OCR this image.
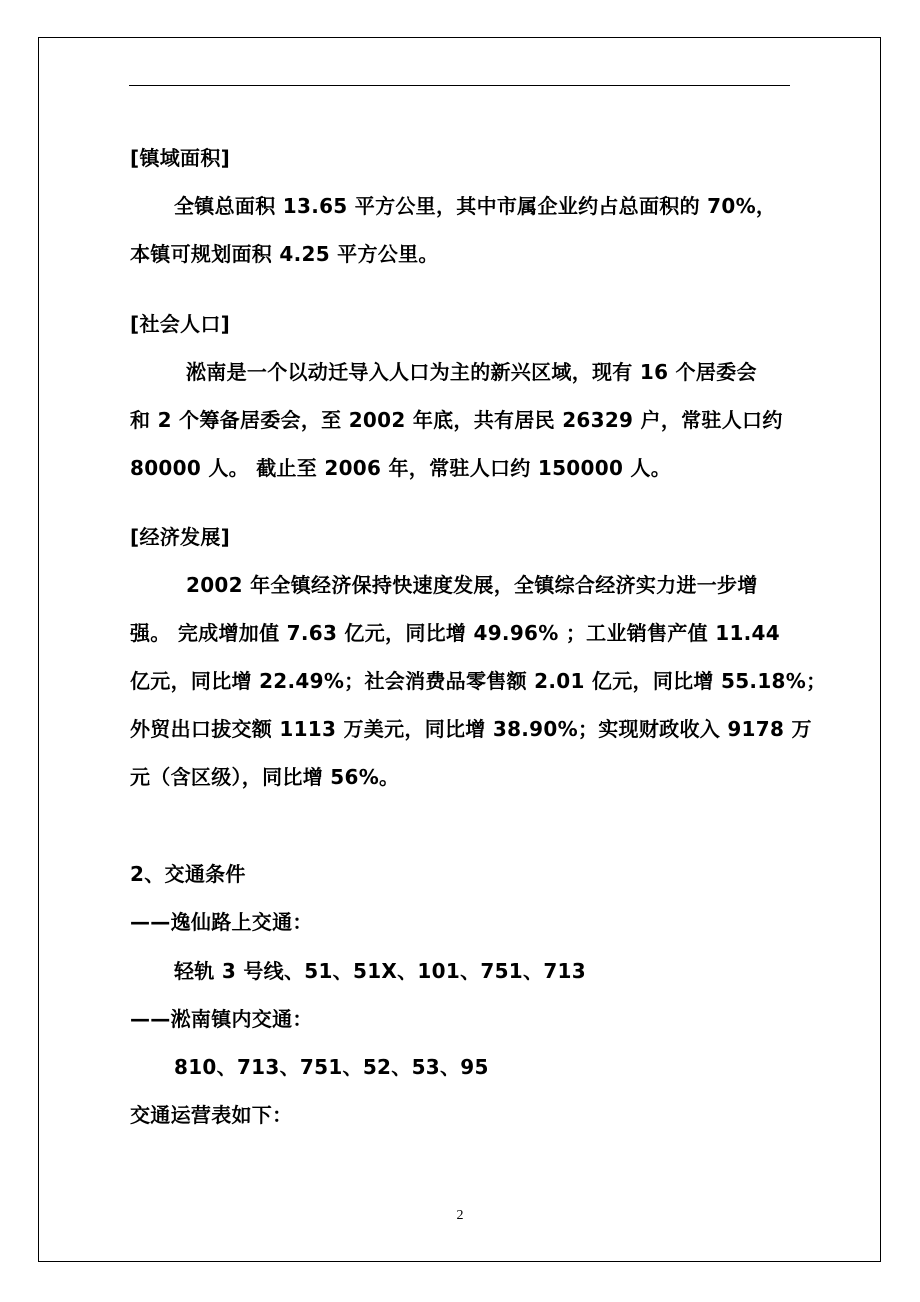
[镇域面积]
全镇总面积 13.65 平方公里，其中市属企业约占总面积的 70%，
本镇可规划面积 4.25 平方公里。
[社会人口]
淞南是一个以动迁导入人口为主的新兴区域，现有 16 个居委会
和 2 个筹备居委会，至 2002 年底，共有居民 26329 户，常驻人口约
80000 人。 截止至 2006 年，常驻人口约 150000 人。
[经济发展]
2002 年全镇经济保持快速度发展，全镇综合经济实力进一步增
强。 完成增加值 7.63 亿元，同比增 49.96% ；工业销售产值 11.44
亿元，同比增 22.49%；社会消费品零售额 2.01 亿元，同比增 55.18%；
外贸出口拔交额 1113 万美元，同比增 38.90%；实现财政收入 9178 万
元（含区级），同比增 56%。
2、交通条件
——逸仙路上交通：
轻轨 3 号线、51、51X、101、751、713
——淞南镇内交通：
810、713、751、52、53、95
交通运营表如下：
2
